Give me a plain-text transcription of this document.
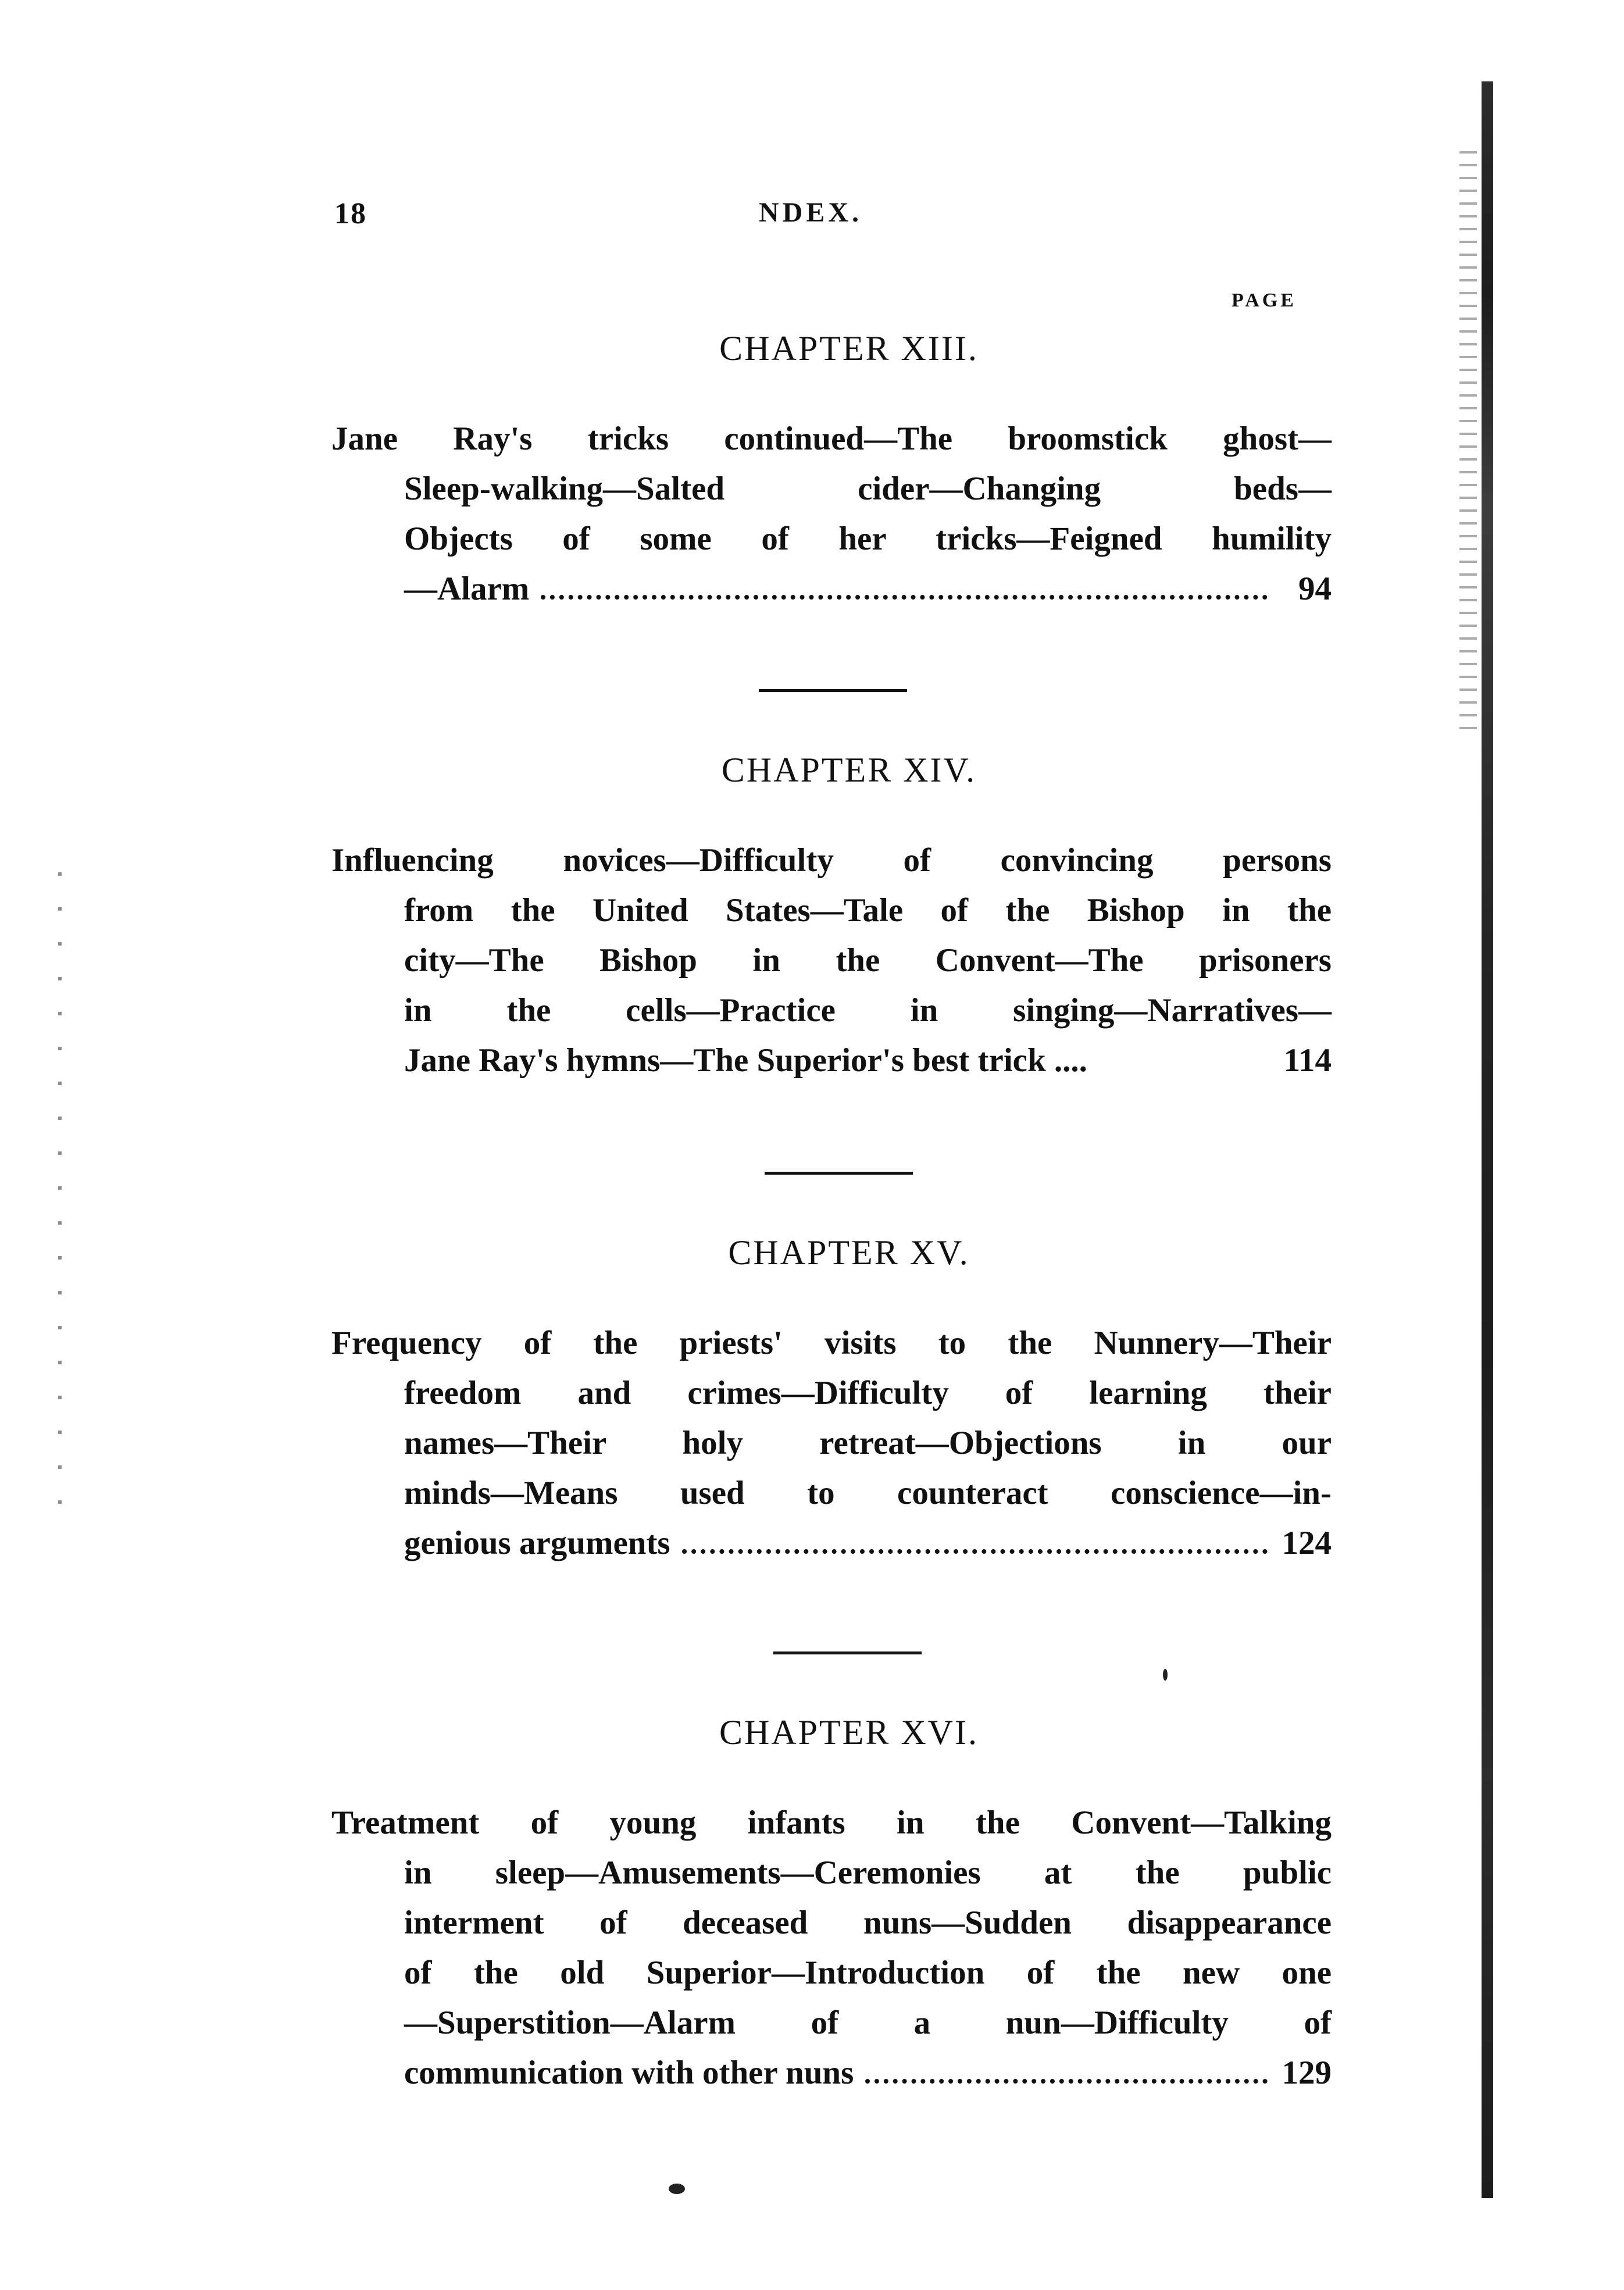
18	NDEX.
PAGE
CHAPTER XIII.
Jane Ray's tricks continued—The broomstick ghost—
Sleep-walking—Salted cider—Changing beds—
Objects of some of her tricks—Feigned humility
—Alarm	94
CHAPTER XIV.
Influencing novices—Difficulty of convincing persons
from the United States—Tale of the Bishop in the
city—The Bishop in the Convent—The prisoners
in the cells—Practice in singing—Narratives—
Jane Ray's hymns—The Superior's best trick ....	114
CHAPTER XV.
Frequency of the priests' visits to the Nunnery—Their
freedom and crimes—Difficulty of learning their
names—Their holy retreat—Objections in our
minds—Means used to counteract conscience—in-
genious arguments	124
CHAPTER XVI.
Treatment of young infants in the Convent—Talking
in sleep—Amusements—Ceremonies at the public
interment of deceased nuns—Sudden disappearance
of the old Superior—Introduction of the new one
—Superstition—Alarm of a nun—Difficulty of
communication with other nuns	129
